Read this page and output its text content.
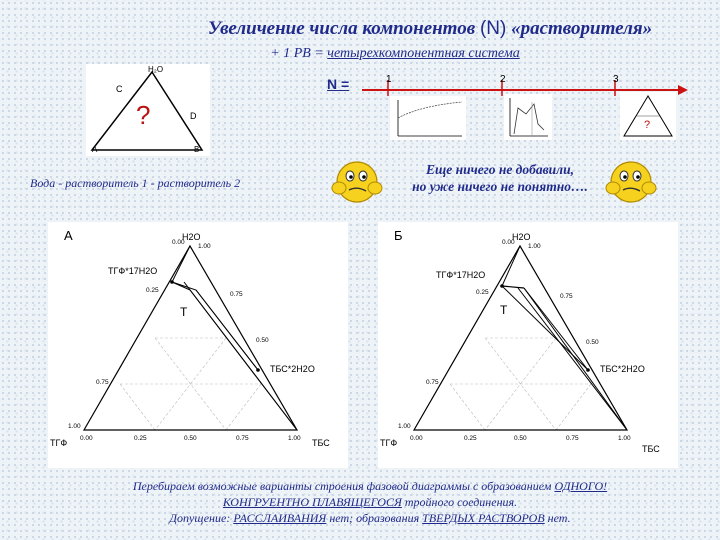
Увеличение числа компонентов (N) «растворителя»
+ 1 РВ = четырехкомпонентная система
H₂O
C
D
A	B
?
N =	1	2	3
?
Вода - растворитель 1 - растворитель 2
Еще ничего не добавили,
но уже ничего не понятно….
А	H2O
ТГФ*17H2O
ТБС*2H2O
T
ТГФ	ТБС
0.00
0.25
0.75
1.00
1.00
0.75
0.50
0.00	0.25	0.50	0.75	1.00
Б	H2O
ТГФ*17H2O
ТБС*2H2O
T
ТГФ
ТБС
0.00
0.25
0.75
1.00
1.00
0.75
0.50
0.00	0.25	0.50	0.75	1.00
Перебираем возможные варианты строения фазовой диаграммы с образованием ОДНОГО!
КОНГРУЕНТНО ПЛАВЯЩЕГОСЯ тройного соединения.
Допущение: РАССЛАИВАНИЯ нет; образования ТВЕРДЫХ РАСТВОРОВ нет.
